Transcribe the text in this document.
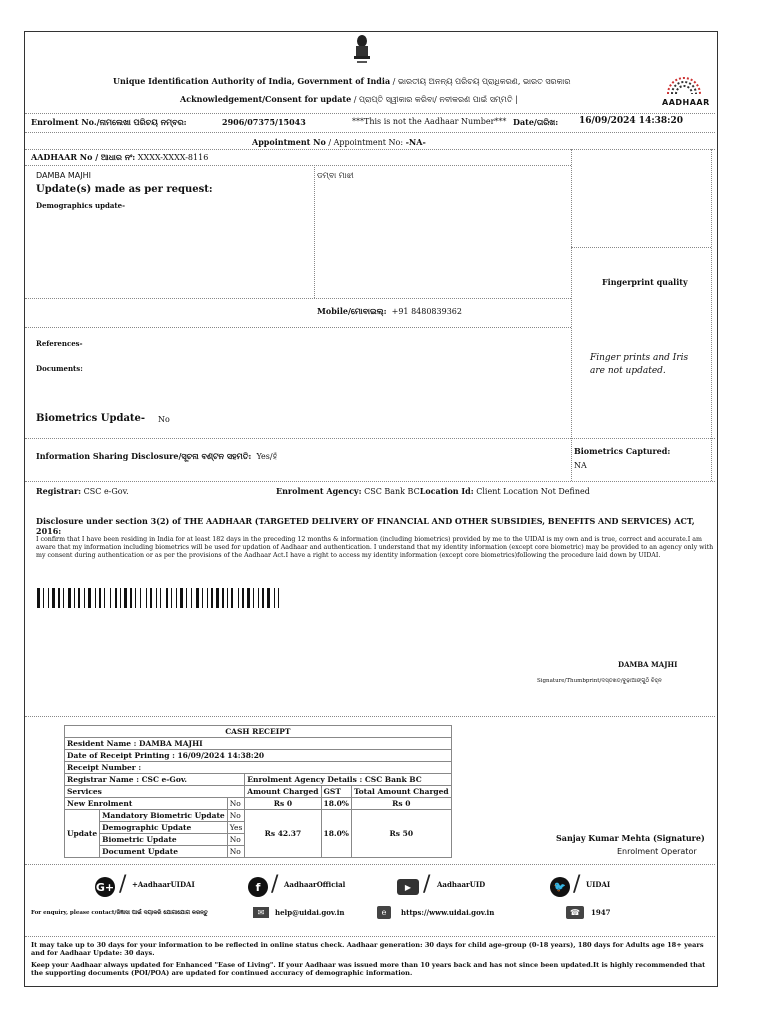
Unique Identification Authority of India, Government of India / ଭାରତୀୟ ଅନନ୍ୟ ପରିଚୟ ପ୍ରାଧିକରଣ, ଭାରତ ସରକାର
Acknowledgement/Consent for update / ପ୍ରାପ୍ତି ସ୍ୱୀକାର କରିବା/ ନବୀକରଣ ପାଇଁ ସମ୍ମତି |	AADHAAR
Enrolment No./ନାମଲେଖା ପରିଚୟ ନମ୍ବର:	2906/07375/15043	***This is not the Aadhaar Number*** Date/ତାରିଖ: 16/09/2024 14:38:20
Appointment No / Appointment No: -NA-
AADHAAR No / ଆଧାର ନଂ: XXXX-XXXX-8116
DAMBA MAJHI	ଡମ୍ବା ମାଝୀ
Update(s) made as per request:
Demographics update-
Fingerprint quality
Mobile/ମୋବାଇଲ୍: +91 8480839362
References-
Documents:
Finger prints and Iris are not updated.
Biometrics Update- No
Biometrics Captured:
NA
Information Sharing Disclosure/ସୂଚନା ବଣ୍ଟନ ସହମତି: Yes/ହଁ
Registrar: CSC e-Gov.	Enrolment Agency: CSC Bank BCLocation Id: Client Location Not Defined
Disclosure under section 3(2) of THE AADHAAR (TARGETED DELIVERY OF FINANCIAL AND OTHER SUBSIDIES, BENEFITS AND SERVICES) ACT, 2016:
I confirm that I have been residing in India for at least 182 days in the preceding 12 months & information (including biometrics) provided by me to the UIDAI is my own and is true, correct and accurate.I am aware that my information including biometrics will be used for updation of Aadhaar and authentication. I understand that my identity information (except core biometric) may be provided to an agency only with my consent during authentication or as per the provisions of the Aadhaar Act.I have a right to access my identity information (except core biometrics)following the procedure laid down by UIDAI.
DAMBA MAJHI
Signature/Thumbprint/ଦସ୍ତଖତ/ବୁଢ଼ାଆଙ୍ଗୁଠି ଚିହ୍ନ
CASH RECEIPT					
Resident Name : DAMBA MAJHI					
Date of Receipt Printing : 16/09/2024 14:38:20					
Receipt Number :					
Registrar Name : CSC e-Gov.			Enrolment Agency Details : CSC Bank BC		
Services			Amount Charged	GST	Total Amount Charged
New Enrolment		No	Rs 0	18.0%	Rs 0
Update	Mandatory Biometric Update	No	Rs 42.37	18.0%	Rs 50
	Demographic Update	Yes			
	Biometric Update	No			
	Document Update	No			
Sanjay Kumar Mehta (Signature)
Enrolment Operator
G+ / +AadhaarUIDAI	f / AadhaarOfficial	▶ / AadhaarUID	🐦 / UIDAI
For enquiry, please contact/ଜିଜ୍ଞାସା ପାଇଁ ଦୟାକରି ଯୋଗାଯୋଗ କରନ୍ତୁ	✉	help@uidai.gov.in	e	https://www.uidai.gov.in	☎	1947
It may take up to 30 days for your information to be reflected in online status check. Aadhaar generation: 30 days for child age-group (0-18 years), 180 days for Adults age 18+ years and for Aadhaar Update: 30 days.
Keep your Aadhaar always updated for Enhanced "Ease of Living". If your Aadhaar was issued more than 10 years back and has not since been updated.It is highly recommended that the supporting documents (POI/POA) are updated for continued accuracy of demographic information.
